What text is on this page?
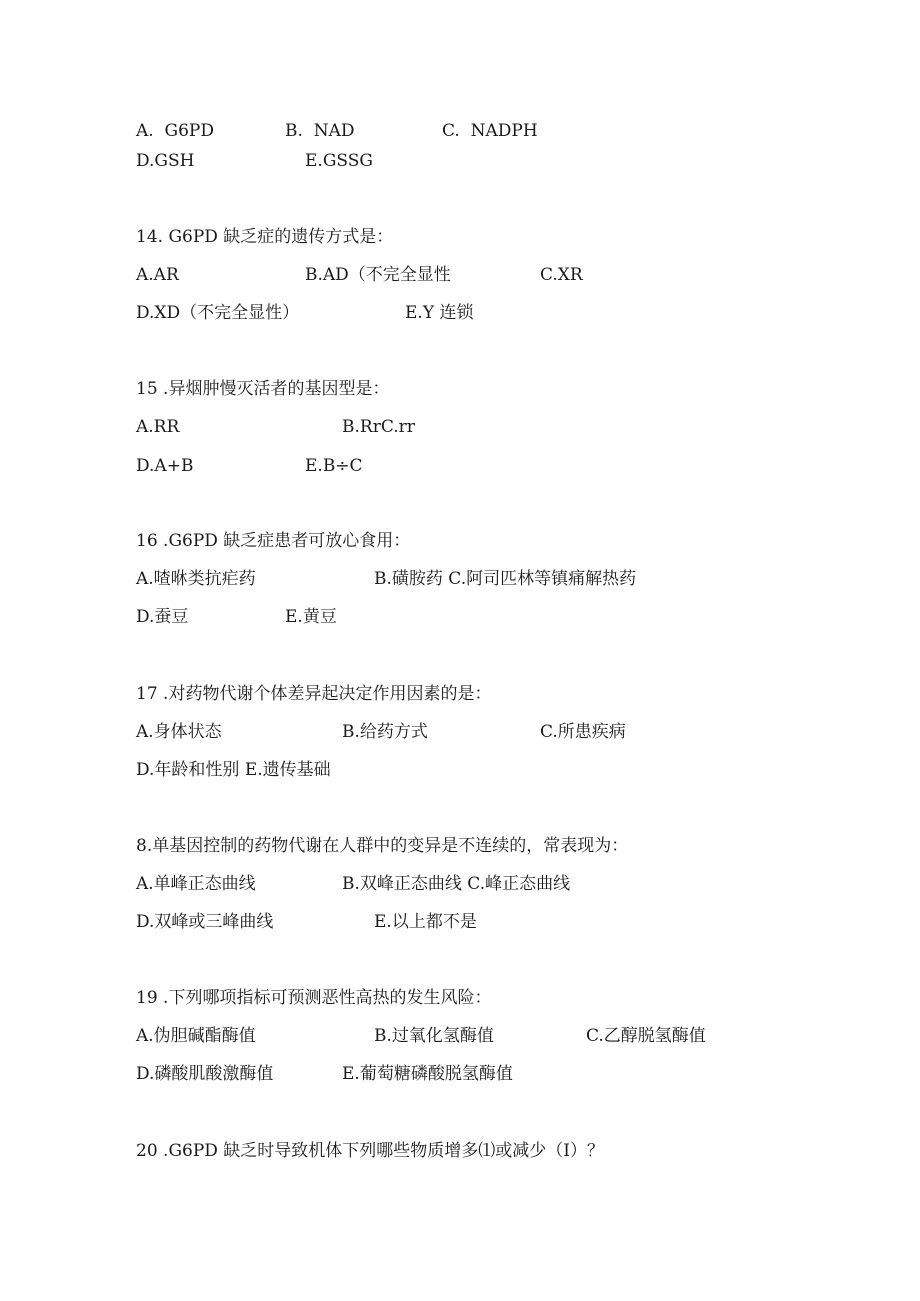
A.  G6PD	B.  NAD	C.  NADPH
D.GSH	E.GSSG
14. G6PD 缺乏症的遗传方式是：
A.AR	B.AD（不完全显性	C.XR
D.XD（不完全显性）	E.Y 连锁
15 .异烟肿慢灭活者的基因型是：
A.RR	B.RrC.rr
D.A+B	E.B÷C
16 .G6PD 缺乏症患者可放心食用：
A.喳咻类抗疟药	B.磺胺药 C.阿司匹林等镇痛解热药
D.蚕豆	E.黄豆
17 .对药物代谢个体差异起决定作用因素的是：
A.身体状态	B.给药方式	C.所患疾病
D.年龄和性别 E.遗传基础
8.单基因控制的药物代谢在人群中的变异是不连续的，常表现为：
A.单峰正态曲线	B.双峰正态曲线 C.峰正态曲线
D.双峰或三峰曲线	E.以上都不是
19 .下列哪项指标可预测恶性高热的发生风险：
A.伪胆碱酯酶值	B.过氧化氢酶值	C.乙醇脱氢酶值
D.磷酸肌酸激酶值	E.葡萄糖磷酸脱氢酶值
20 .G6PD 缺乏时导致机体下列哪些物质增多⑴或减少（I）？
